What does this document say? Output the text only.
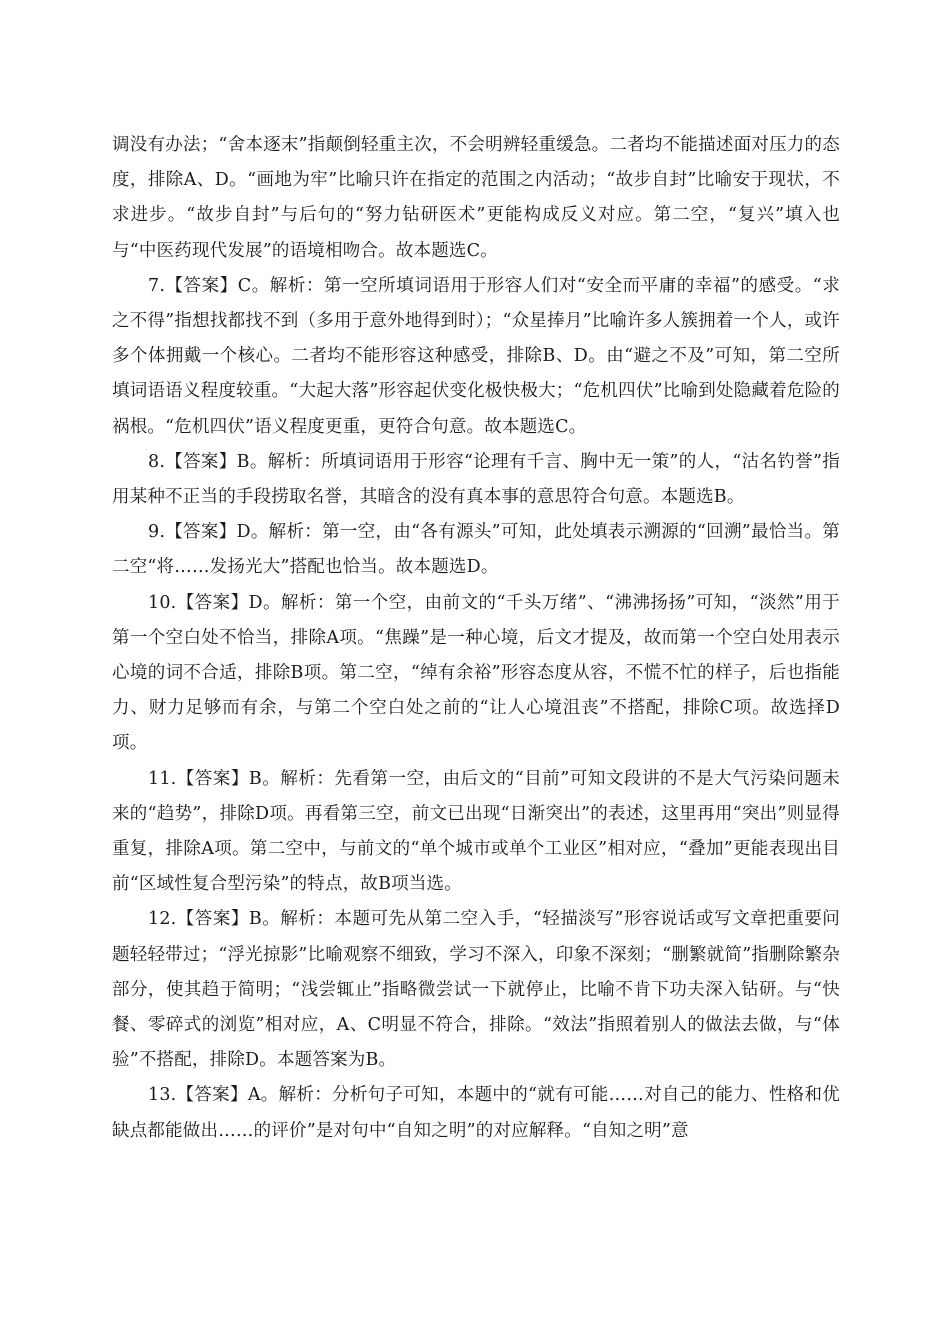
调没有办法；“舍本逐末”指颠倒轻重主次，不会明辨轻重缓急。二者均不能描述面对压力的态度，排除A、D。“画地为牢”比喻只许在指定的范围之内活动；“故步自封”比喻安于现状，不求进步。“故步自封”与后句的“努力钻研医术”更能构成反义对应。第二空，“复兴”填入也与“中医药现代发展”的语境相吻合。故本题选C。

7.【答案】C。解析：第一空所填词语用于形容人们对“安全而平庸的幸福”的感受。“求之不得”指想找都找不到（多用于意外地得到时）；“众星捧月”比喻许多人簇拥着一个人，或许多个体拥戴一个核心。二者均不能形容这种感受，排除B、D。由“避之不及”可知，第二空所填词语语义程度较重。“大起大落”形容起伏变化极快极大；“危机四伏”比喻到处隐藏着危险的祸根。“危机四伏”语义程度更重，更符合句意。故本题选C。

8.【答案】B。解析：所填词语用于形容“论理有千言、胸中无一策”的人，“沽名钓誉”指用某种不正当的手段捞取名誉，其暗含的没有真本事的意思符合句意。本题选B。

9.【答案】D。解析：第一空，由“各有源头”可知，此处填表示溯源的“回溯”最恰当。第二空“将……发扬光大”搭配也恰当。故本题选D。

10.【答案】D。解析：第一个空，由前文的“千头万绪”、“沸沸扬扬”可知，“淡然”用于第一个空白处不恰当，排除A项。“焦躁”是一种心境，后文才提及，故而第一个空白处用表示心境的词不合适，排除B项。第二空，“绰有余裕”形容态度从容，不慌不忙的样子，后也指能力、财力足够而有余，与第二个空白处之前的“让人心境沮丧”不搭配，排除C项。故选择D项。

11.【答案】B。解析：先看第一空，由后文的“目前”可知文段讲的不是大气污染问题未来的“趋势”，排除D项。再看第三空，前文已出现“日渐突出”的表述，这里再用“突出”则显得重复，排除A项。第二空中，与前文的“单个城市或单个工业区”相对应，“叠加”更能表现出目前“区域性复合型污染”的特点，故B项当选。

12.【答案】B。解析：本题可先从第二空入手，“轻描淡写”形容说话或写文章把重要问题轻轻带过；“浮光掠影”比喻观察不细致，学习不深入，印象不深刻；“删繁就简”指删除繁杂部分，使其趋于简明；“浅尝辄止”指略微尝试一下就停止，比喻不肯下功夫深入钻研。与“快餐、零碎式的浏览”相对应，A、C明显不符合，排除。“效法”指照着别人的做法去做，与“体验”不搭配，排除D。本题答案为B。

13.【答案】A。解析：分析句子可知，本题中的“就有可能……对自己的能力、性格和优缺点都能做出……的评价”是对句中“自知之明”的对应解释。“自知之明”意
